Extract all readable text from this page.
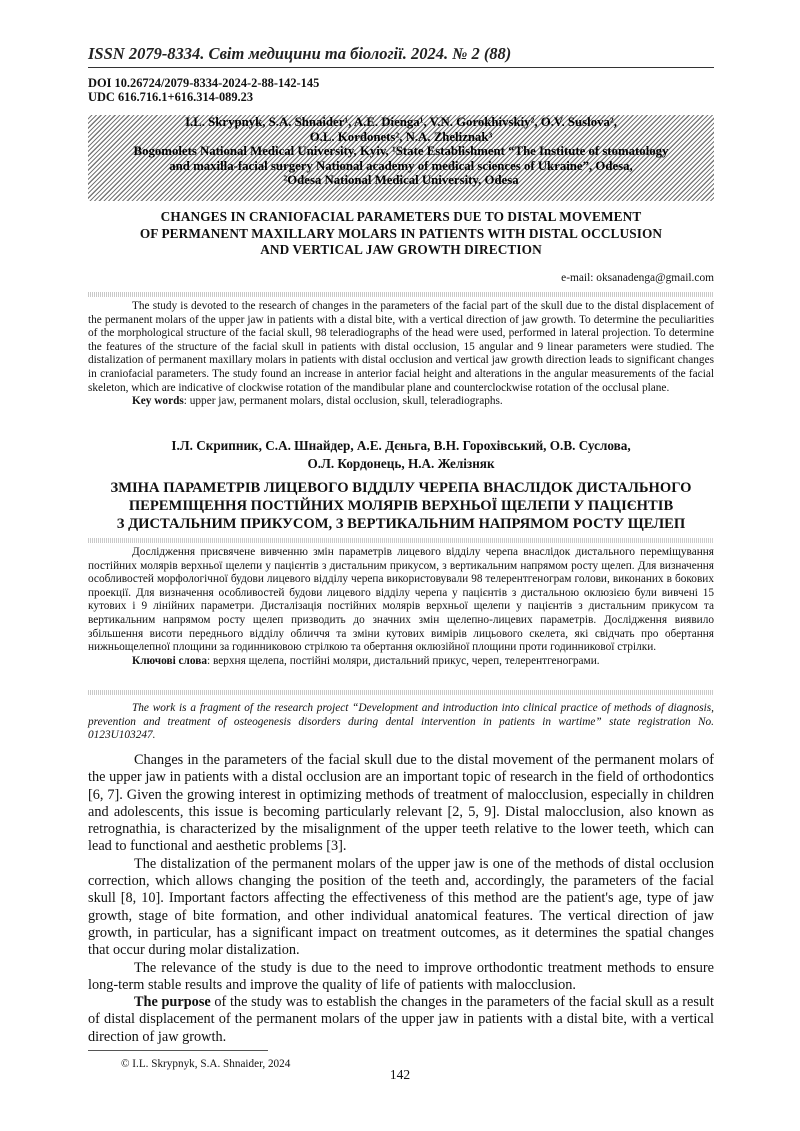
ISSN 2079-8334. Світ медицини та біології. 2024. № 2 (88)
DOI 10.26724/2079-8334-2024-2-88-142-145
UDC 616.716.1+616.314-089.23
I.L. Skrypnyk, S.A. Shnaider¹, A.E. Dienga¹, V.N. Gorokhivskiy², O.V. Suslova²,
O.L. Kordonets², N.A. Zheliznak³
Bogomolets National Medical University, Kyiv, ¹State Establishment “The Institute of stomatology
and maxilla-facial surgery National academy of medical sciences of Ukraine”, Odesa,
²Odesa National Medical University, Odesa
CHANGES IN CRANIOFACIAL PARAMETERS DUE TO DISTAL MOVEMENT
OF PERMANENT MAXILLARY MOLARS IN PATIENTS WITH DISTAL OCCLUSION
AND VERTICAL JAW GROWTH DIRECTION
e-mail: oksanadenga@gmail.com

The study is devoted to the research of changes in the parameters of the facial part of the skull due to the distal displacement of the permanent molars of the upper jaw in patients with a distal bite, with a vertical direction of jaw growth. To determine the peculiarities of the morphological structure of the facial skull, 98 teleradiographs of the head were used, performed in lateral projection. To determine the features of the structure of the facial skull in patients with distal occlusion, 15 angular and 9 linear parameters were studied. The distalization of permanent maxillary molars in patients with distal occlusion and vertical jaw growth direction leads to significant changes in craniofacial parameters. The study found an increase in anterior facial height and alterations in the angular measurements of the facial skeleton, which are indicative of clockwise rotation of the mandibular plane and counterclockwise rotation of the occlusal plane.

Key words: upper jaw, permanent molars, distal occlusion, skull, teleradiographs.

І.Л. Скрипник, С.А. Шнайдер, А.Е. Дєньга, В.Н. Горохівський, О.В. Суслова,
О.Л. Кордонець, Н.А. Желізняк
ЗМІНА ПАРАМЕТРІВ ЛИЦЕВОГО ВІДДІЛУ ЧЕРЕПА ВНАСЛІДОК ДИСТАЛЬНОГО
ПЕРЕМІЩЕННЯ ПОСТІЙНИХ МОЛЯРІВ ВЕРХНЬОЇ ЩЕЛЕПИ У ПАЦІЄНТІВ
З ДИСТАЛЬНИМ ПРИКУСОМ, З ВЕРТИКАЛЬНИМ НАПРЯМОМ РОСТУ ЩЕЛЕП

Дослідження присвячене вивченню змін параметрів лицевого відділу черепа внаслідок дистального переміщування постійних молярів верхньої щелепи у пацієнтів з дистальним прикусом, з вертикальним напрямом росту щелеп. Для визначення особливостей морфологічної будови лицевого відділу черепа використовували 98 телерентгенограм голови, виконаних в бокових проекції. Для визначення особливостей будови лицевого відділу черепа у пацієнтів з дистальною оклюзією були вивчені 15 кутових і 9 лінійних параметри. Дисталізація постійних молярів верхньої щелепи у пацієнтів з дистальним прикусом та вертикальним напрямом росту щелеп призводить до значних змін щелепно-лицевих параметрів. Дослідження виявило збільшення висоти переднього відділу обличчя та зміни кутових вимірів лицьового скелета, які свідчать про обертання нижньощелепної площини за годинниковою стрілкою та обертання оклюзійної площини проти годинникової стрілки.

Ключові слова: верхня щелепа, постійні моляри, дистальний прикус, череп, телерентгенограми.

The work is a fragment of the research project “Development and introduction into clinical practice of methods of diagnosis, prevention and treatment of osteogenesis disorders during dental intervention in patients in wartime” state registration No. 0123U103247.

Changes in the parameters of the facial skull due to the distal movement of the permanent molars of the upper jaw in patients with a distal occlusion are an important topic of research in the field of orthodontics [6, 7]. Given the growing interest in optimizing methods of treatment of malocclusion, especially in children and adolescents, this issue is becoming particularly relevant [2, 5, 9]. Distal malocclusion, also known as retrognathia, is characterized by the misalignment of the upper teeth relative to the lower teeth, which can lead to functional and aesthetic problems [3].

The distalization of the permanent molars of the upper jaw is one of the methods of distal occlusion correction, which allows changing the position of the teeth and, accordingly, the parameters of the facial skull [8, 10]. Important factors affecting the effectiveness of this method are the patient's age, type of jaw growth, stage of bite formation, and other individual anatomical features. The vertical direction of jaw growth, in particular, has a significant impact on treatment outcomes, as it determines the spatial changes that occur during molar distalization.

The relevance of the study is due to the need to improve orthodontic treatment methods to ensure long-term stable results and improve the quality of life of patients with malocclusion.

The purpose of the study was to establish the changes in the parameters of the facial skull as a result of distal displacement of the permanent molars of the upper jaw in patients with a distal bite, with a vertical direction of jaw growth.

© I.L. Skrypnyk, S.A. Shnaider, 2024
142
